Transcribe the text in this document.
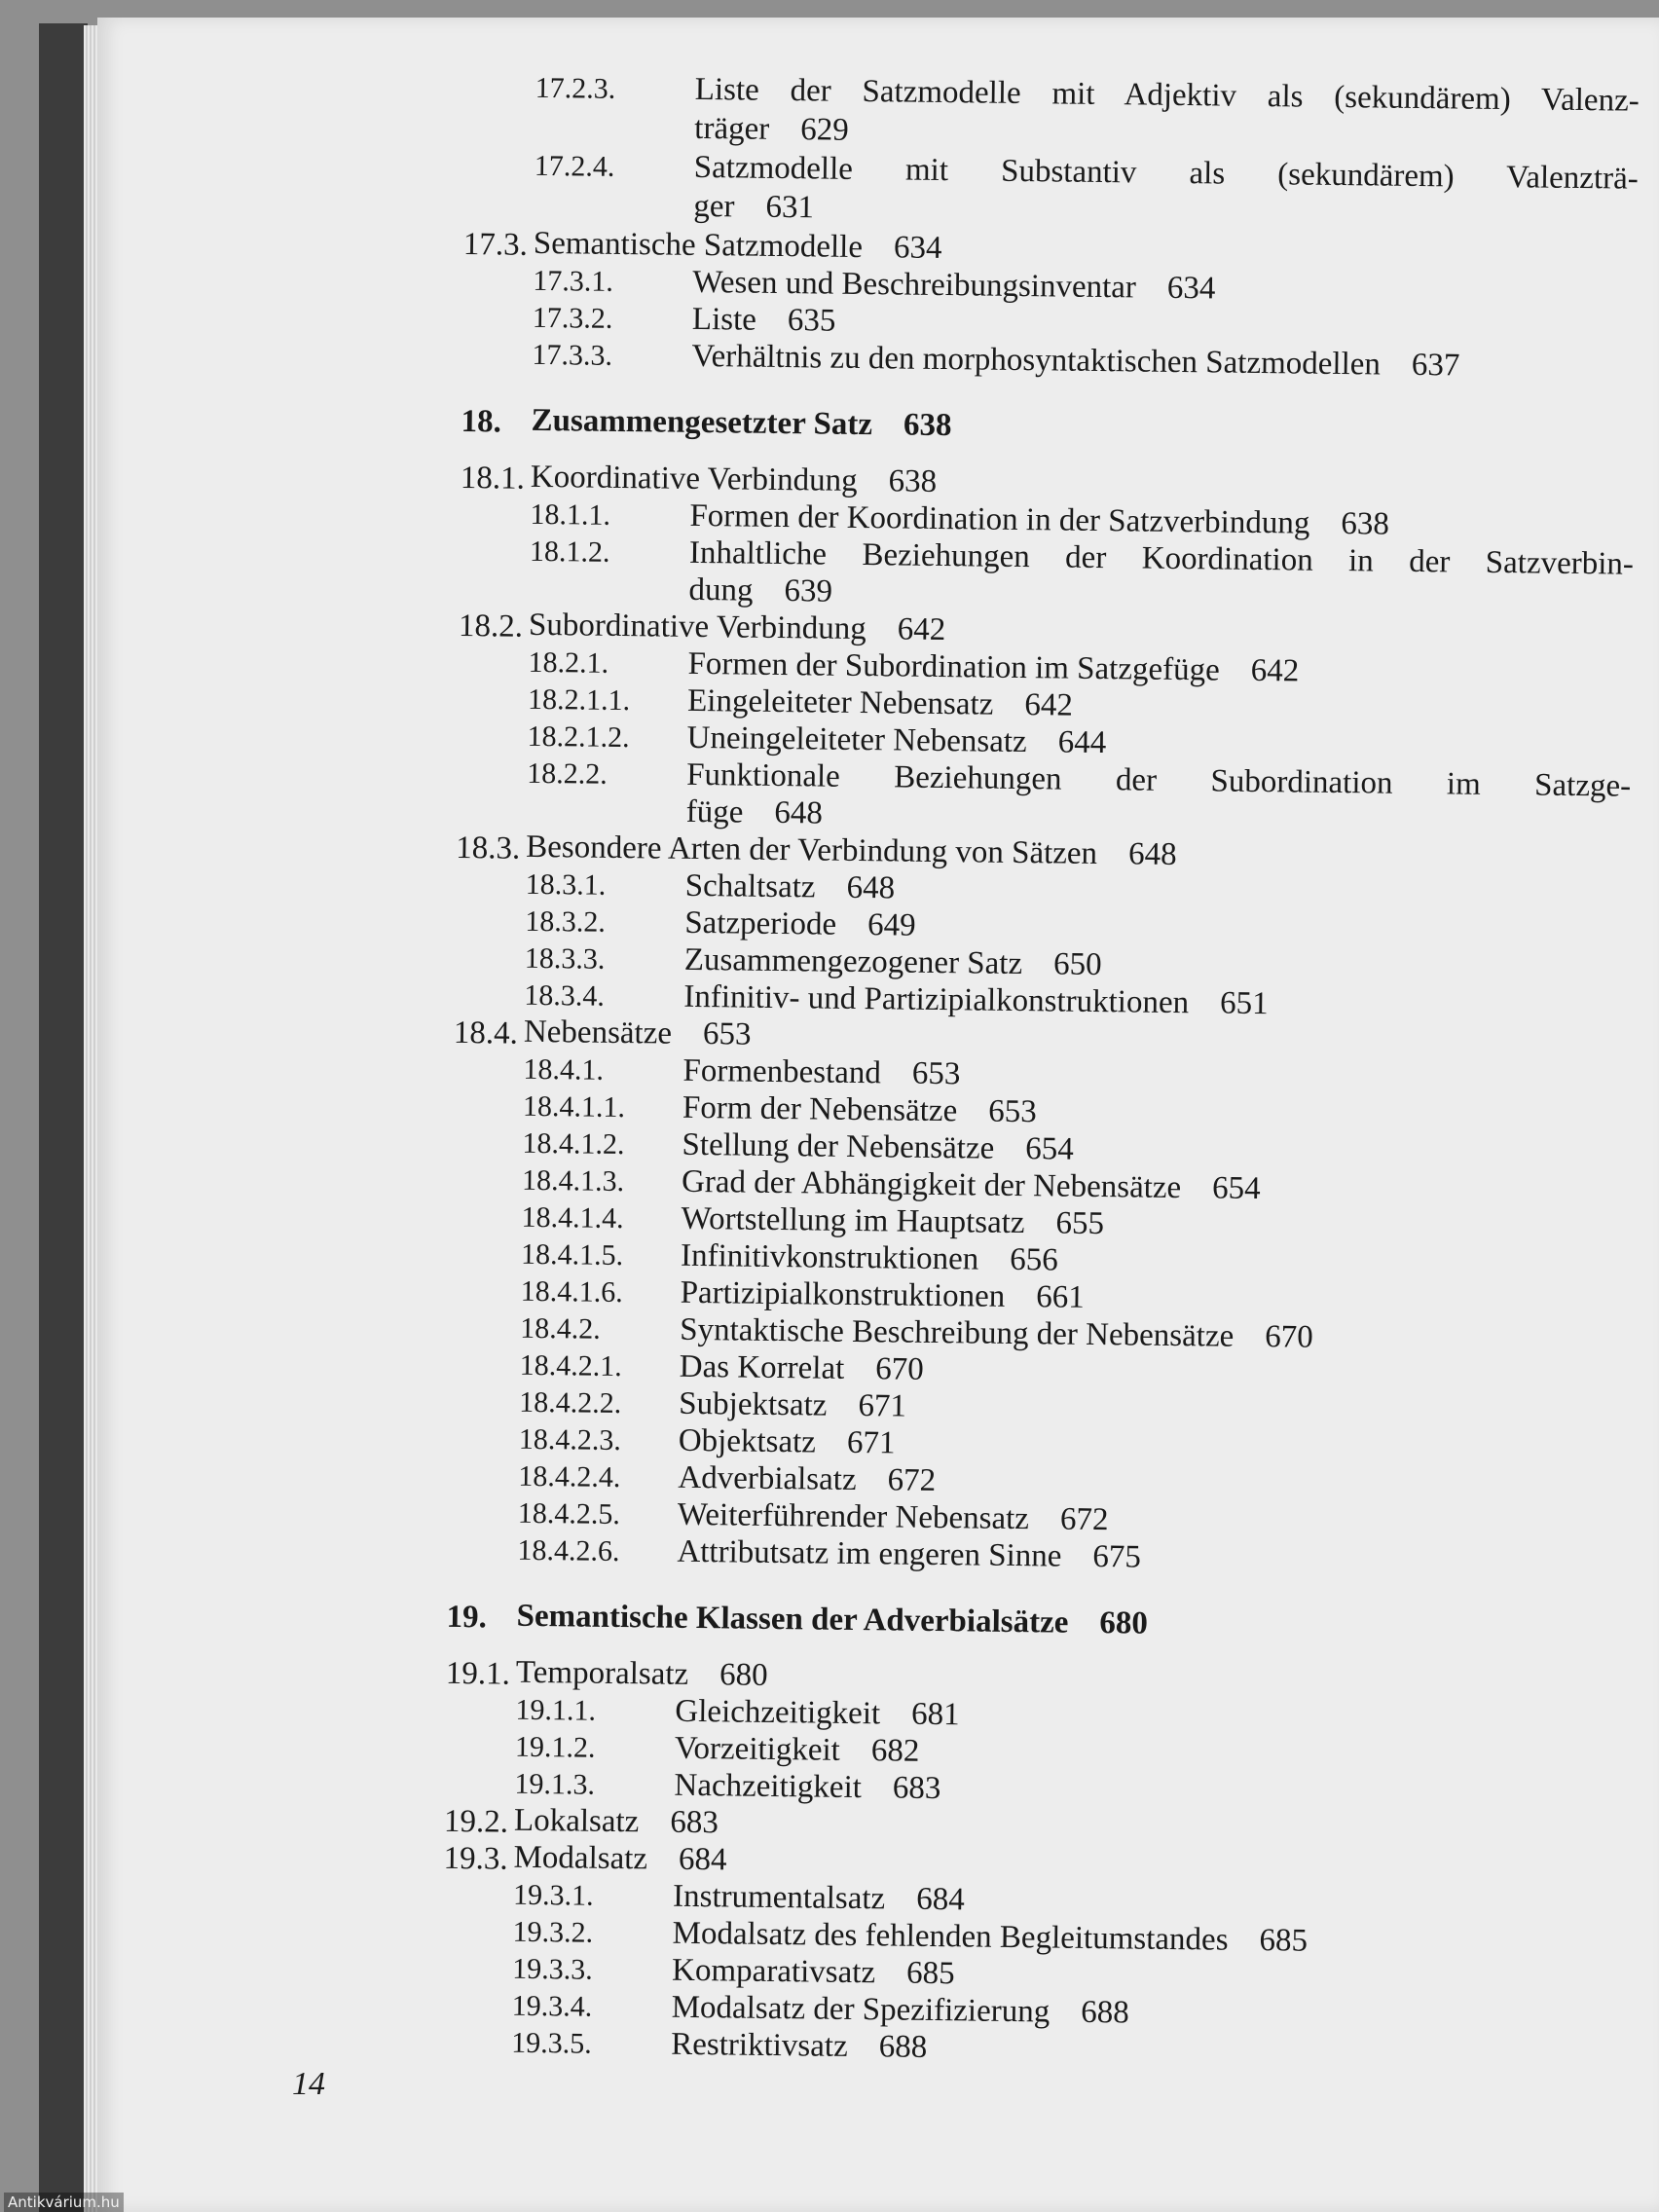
17.2.3. Liste der Satzmodelle mit Adjektiv als (sekundärem) Valenz-
träger 629
17.2.4. Satzmodelle mit Substantiv als (sekundärem) Valenzträ-
ger 631
17.3. Semantische Satzmodelle 634
17.3.1. Wesen und Beschreibungsinventar 634
17.3.2. Liste 635
17.3.3. Verhältnis zu den morphosyntaktischen Satzmodellen 637
18. Zusammengesetzter Satz 638
18.1. Koordinative Verbindung 638
18.1.1. Formen der Koordination in der Satzverbindung 638
18.1.2. Inhaltliche Beziehungen der Koordination in der Satzverbin-
dung 639
18.2. Subordinative Verbindung 642
18.2.1. Formen der Subordination im Satzgefüge 642
18.2.1.1. Eingeleiteter Nebensatz 642
18.2.1.2. Uneingeleiteter Nebensatz 644
18.2.2. Funktionale Beziehungen der Subordination im Satzge-
füge 648
18.3. Besondere Arten der Verbindung von Sätzen 648
18.3.1. Schaltsatz 648
18.3.2. Satzperiode 649
18.3.3. Zusammengezogener Satz 650
18.3.4. Infinitiv- und Partizipialkonstruktionen 651
18.4. Nebensätze 653
18.4.1. Formenbestand 653
18.4.1.1. Form der Nebensätze 653
18.4.1.2. Stellung der Nebensätze 654
18.4.1.3. Grad der Abhängigkeit der Nebensätze 654
18.4.1.4. Wortstellung im Hauptsatz 655
18.4.1.5. Infinitivkonstruktionen 656
18.4.1.6. Partizipialkonstruktionen 661
18.4.2. Syntaktische Beschreibung der Nebensätze 670
18.4.2.1. Das Korrelat 670
18.4.2.2. Subjektsatz 671
18.4.2.3. Objektsatz 671
18.4.2.4. Adverbialsatz 672
18.4.2.5. Weiterführender Nebensatz 672
18.4.2.6. Attributsatz im engeren Sinne 675
19. Semantische Klassen der Adverbialsätze 680
19.1. Temporalsatz 680
19.1.1. Gleichzeitigkeit 681
19.1.2. Vorzeitigkeit 682
19.1.3. Nachzeitigkeit 683
19.2. Lokalsatz 683
19.3. Modalsatz 684
19.3.1. Instrumentalsatz 684
19.3.2. Modalsatz des fehlenden Begleitumstandes 685
19.3.3. Komparativsatz 685
19.3.4. Modalsatz der Spezifizierung 688
19.3.5. Restriktivsatz 688
14
Antikvárium.hu
